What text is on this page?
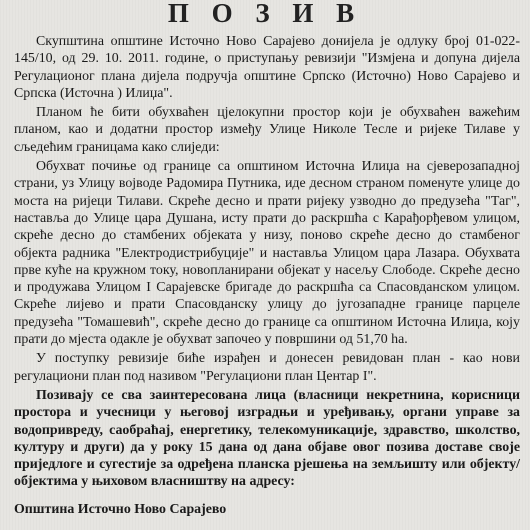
П О З И В

Скупштина општине Источно Ново Сарајево донијела је одлуку број 01-022-145/10, од 29. 10. 2011. године, о приступању ревизији "Измјена и допуна дијела Регулационог плана дијела подручја општине Српско (Источно) Ново Сарајево и Српска (Источна ) Илиџа".

Планом ће бити обухваћен цјелокупни простор који је обухваћен важећим планом, као и додатни простор између Улице Николе Тесле и ријеке Тилаве у сљедећим границама како слиједи:

Обухват почиње од границе са општином Источна Илиџа на сјеверозападној страни, уз Улицу војводе Радомира Путника, иде десном страном поменуте улице до моста на ријеци Тилави. Скреће десно и прати ријеку узводно до предузећа "Таг", наставља до Улице цара Душана, исту прати до раскршћа с Карађорђевом улицом, скреће десно до стамбених објеката у низу, поново скреће десно до стамбеног објекта радника "Електродистрибуције" и наставља Улицом цара Лазара. Обухвата прве куће на кружном току, новопланирани објекат у насељу Слободе. Скреће десно и продужава Улицом I Сарајевске бригаде до раскршћа са Спасовданском улицом. Скреће лијево и прати Спасовданску улицу до југозападне границе парцеле предузећа "Томашевић", скреће десно до границе са општином Источна Илиџа, коју прати до мјеста одакле је обухват започео у површини од 51,70 ha.

У поступку ревизије биће израђен и донесен ревидован план - као нови регулациони план под називом "Регулациони план Центар I".

Позивају се сва заинтересована лица (власници некретнина, корисници простора и учесници у његовој изградњи и уређивању, органи управе за водопривреду, саобраћај, енергетику, телекомуникације, здравство, школство, културу и други) да у року 15 дана од дана објаве овог позива доставе своје приједлоге и сугестије за одређена планска рјешења на земљишту или објекту/објектима у њиховом власништву на адресу:

Општина Источно Ново Сарајево
